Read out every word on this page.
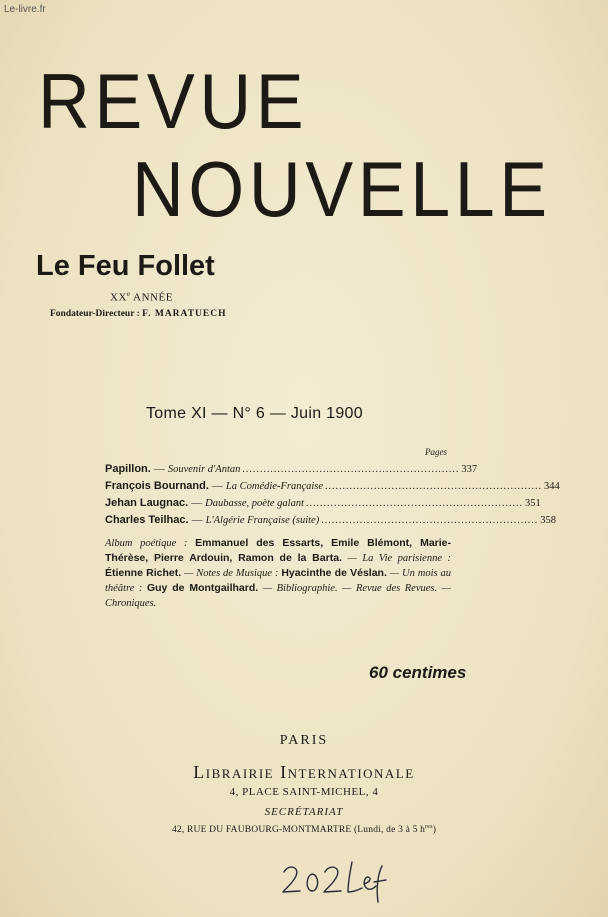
Le-livre.fr
REVUE
NOUVELLE
Le Feu Follet
XXe ANNÉE
Fondateur-Directeur : F. MARATUECH
Tome XI — N° 6 — Juin 1900
Pages
Papillon. — Souvenir d'Antan .............................................................. 337
François Bournand. — La Comédie-Française .............................................................. 344
Jehan Laugnac. — Daubasse, poète galant .............................................................. 351
Charles Teilhac. — L'Algérie Française (suite) .............................................................. 358
Album poétique : Emmanuel des Essarts, Emile Blémont, Marie-Thérèse, Pierre Ardouin, Ramon de la Barta. — La Vie parisienne : Étienne Richet. — Notes de Musique : Hyacinthe de Véslan. — Un mois au théâtre : Guy de Montgailhard. — Bibliographie. — Revue des Revues. — Chroniques.
60 centimes
PARIS
Librairie Internationale
4, PLACE SAINT-MICHEL, 4
SECRÉTARIAT
42, RUE DU FAUBOURG-MONTMARTRE (Lundi, de 3 à 5 $h^{res}$)
